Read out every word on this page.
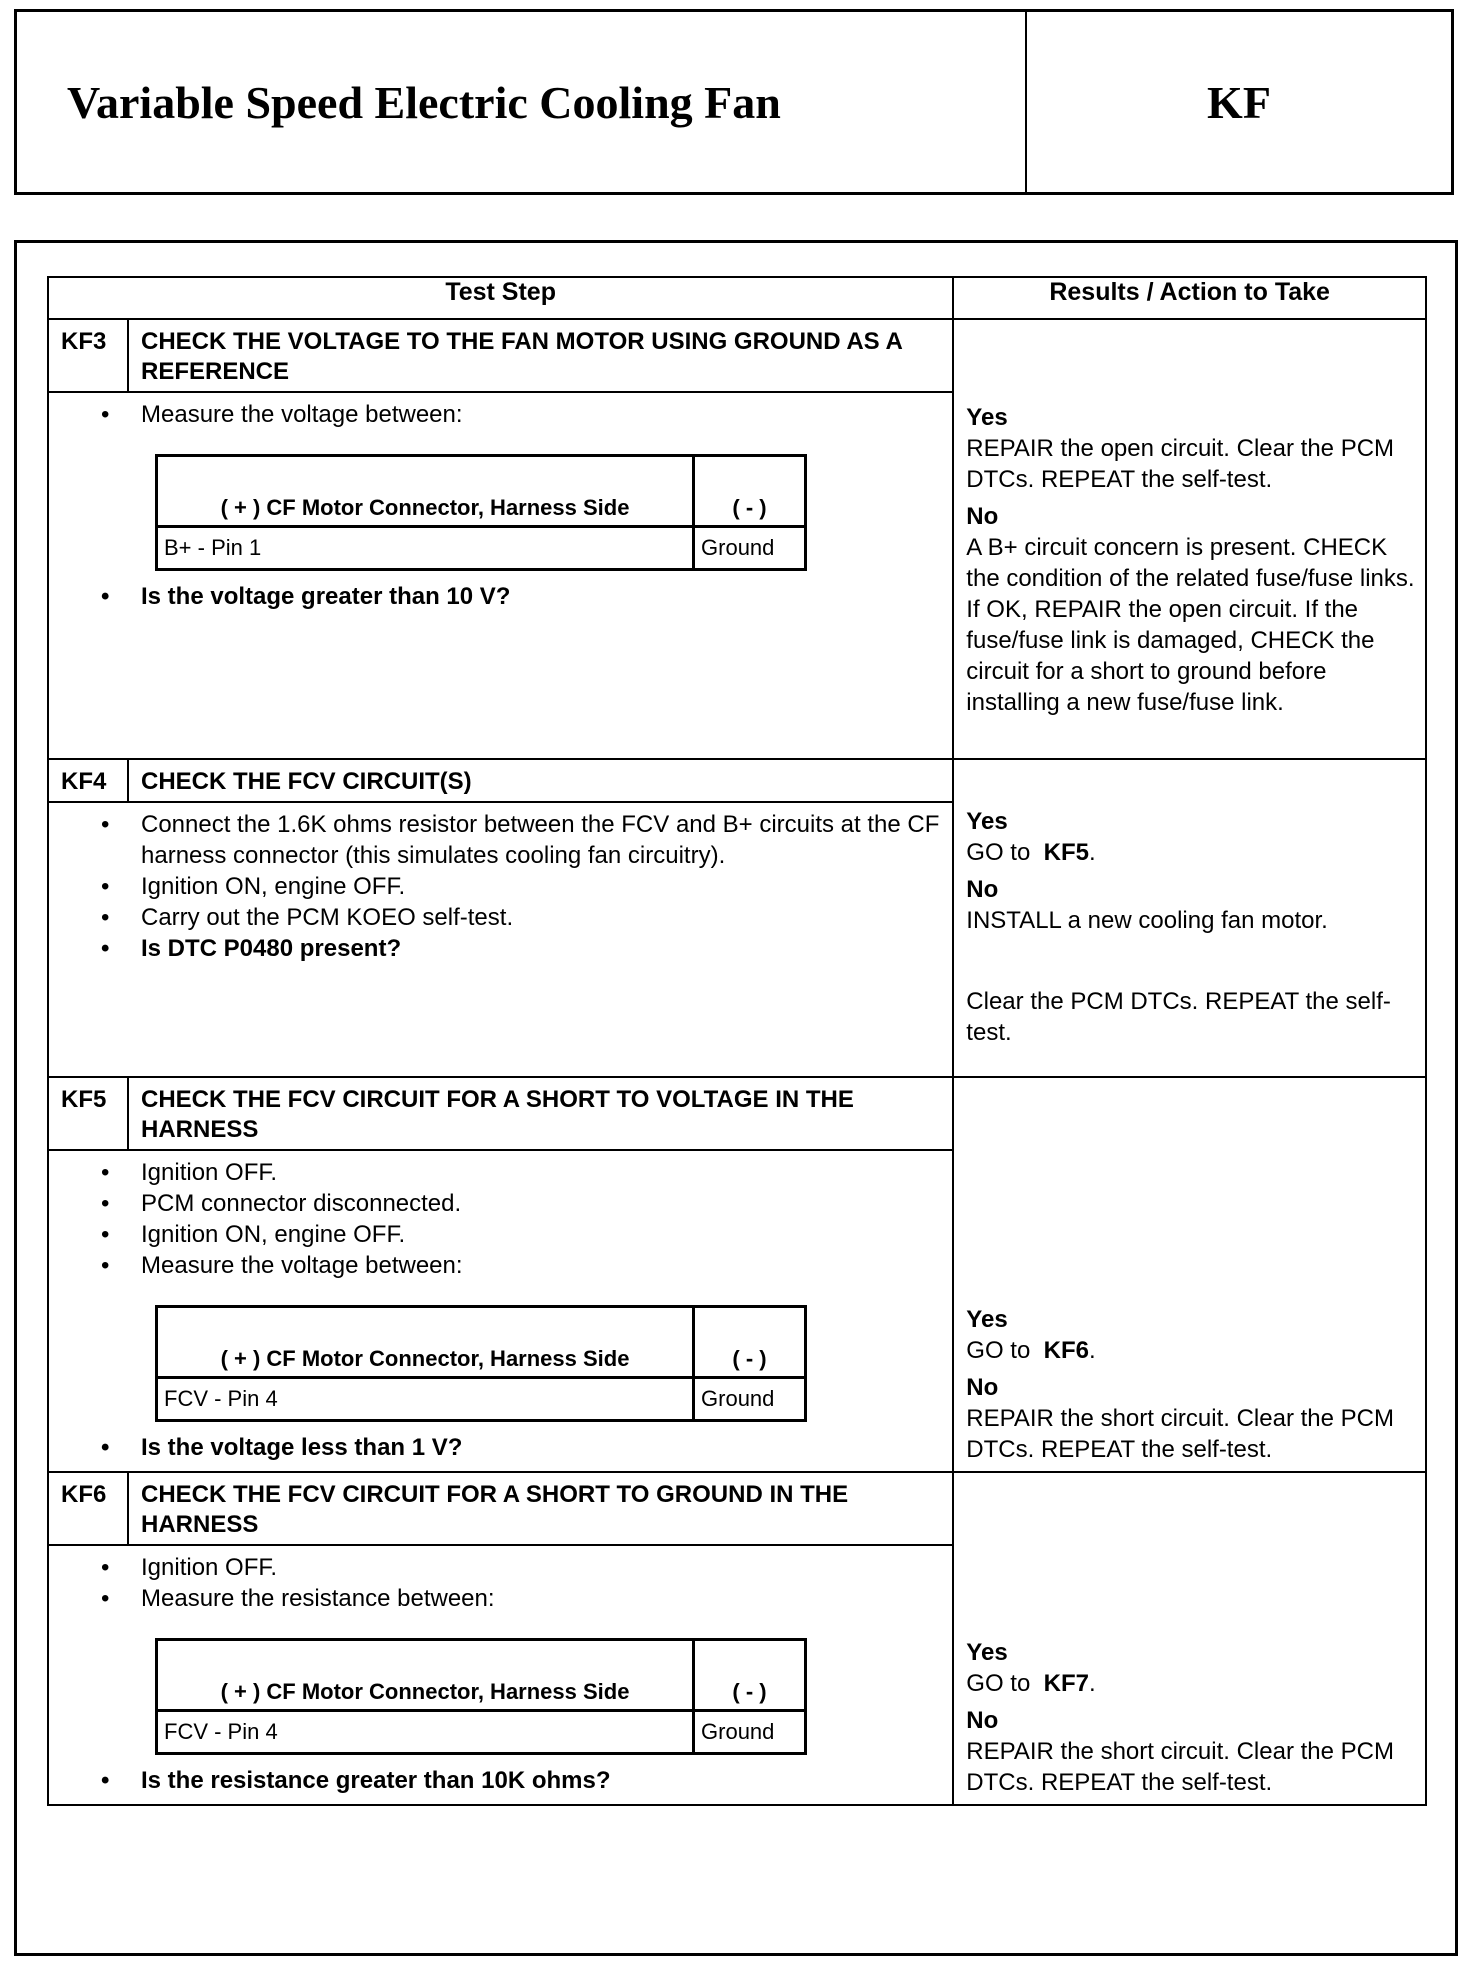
Variable Speed Electric Cooling Fan	KF
Test Step	Results / Action to Take

KF3	CHECK THE VOLTAGE TO THE FAN MOTOR USING GROUND AS A REFERENCE
• Measure the voltage between:
( + ) CF Motor Connector, Harness Side	( - )
B+ - Pin 1	Ground
• Is the voltage greater than 10 V?

Yes
REPAIR the open circuit. Clear the PCM DTCs. REPEAT the self-test.
No
A B+ circuit concern is present. CHECK the condition of the related fuse/fuse links. If OK, REPAIR the open circuit. If the fuse/fuse link is damaged, CHECK the circuit for a short to ground before installing a new fuse/fuse link.

KF4	CHECK THE FCV CIRCUIT(S)
• Connect the 1.6K ohms resistor between the FCV and B+ circuits at the CF harness connector (this simulates cooling fan circuitry).
• Ignition ON, engine OFF.
• Carry out the PCM KOEO self-test.
• Is DTC P0480 present?

Yes
GO to KF5.
No
INSTALL a new cooling fan motor.
Clear the PCM DTCs. REPEAT the self-test.

KF5	CHECK THE FCV CIRCUIT FOR A SHORT TO VOLTAGE IN THE HARNESS
• Ignition OFF.
• PCM connector disconnected.
• Ignition ON, engine OFF.
• Measure the voltage between:
( + ) CF Motor Connector, Harness Side	( - )
FCV - Pin 4	Ground
• Is the voltage less than 1 V?

Yes
GO to KF6.
No
REPAIR the short circuit. Clear the PCM DTCs. REPEAT the self-test.

KF6	CHECK THE FCV CIRCUIT FOR A SHORT TO GROUND IN THE HARNESS
• Ignition OFF.
• Measure the resistance between:
( + ) CF Motor Connector, Harness Side	( - )
FCV - Pin 4	Ground
• Is the resistance greater than 10K ohms?

Yes
GO to KF7.
No
REPAIR the short circuit. Clear the PCM DTCs. REPEAT the self-test.
